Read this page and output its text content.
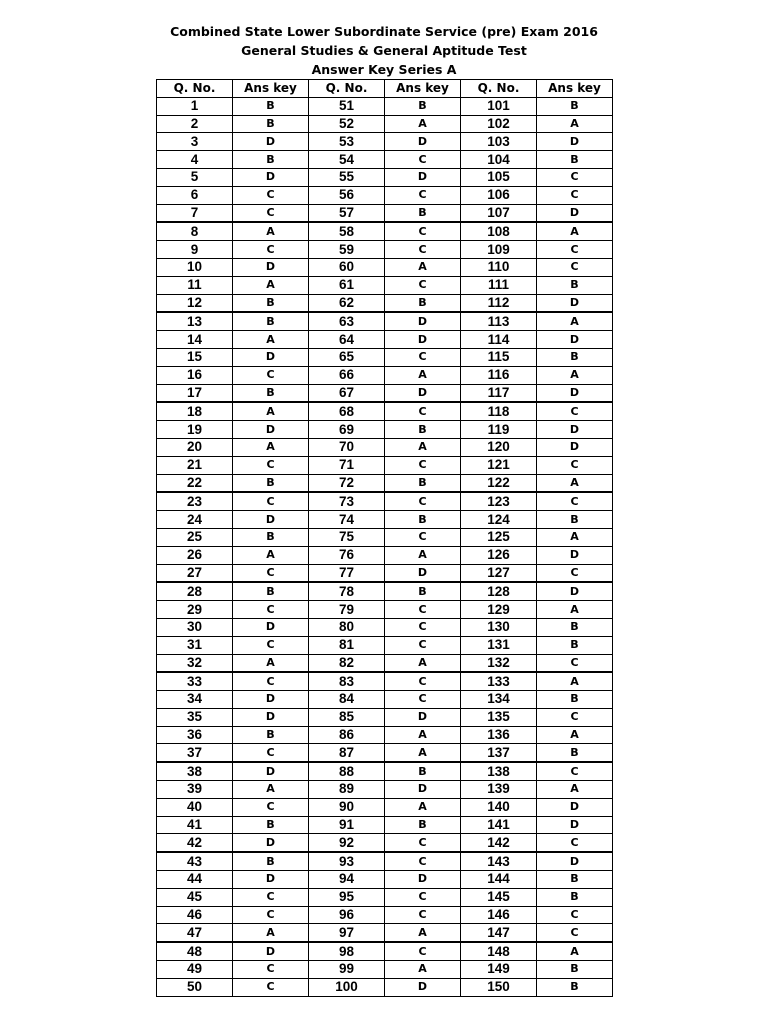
Combined State Lower Subordinate Service (pre) Exam 2016
General Studies & General Aptitude Test
Answer Key Series A
Q. No.	Ans key	Q. No.	Ans key	Q. No.	Ans key
1	B	51	B	101	B
2	B	52	A	102	A
3	D	53	D	103	D
4	B	54	C	104	B
5	D	55	D	105	C
6	C	56	C	106	C
7	C	57	B	107	D
8	A	58	C	108	A
9	C	59	C	109	C
10	D	60	A	110	C
11	A	61	C	111	B
12	B	62	B	112	D
13	B	63	D	113	A
14	A	64	D	114	D
15	D	65	C	115	B
16	C	66	A	116	A
17	B	67	D	117	D
18	A	68	C	118	C
19	D	69	B	119	D
20	A	70	A	120	D
21	C	71	C	121	C
22	B	72	B	122	A
23	C	73	C	123	C
24	D	74	B	124	B
25	B	75	C	125	A
26	A	76	A	126	D
27	C	77	D	127	C
28	B	78	B	128	D
29	C	79	C	129	A
30	D	80	C	130	B
31	C	81	C	131	B
32	A	82	A	132	C
33	C	83	C	133	A
34	D	84	C	134	B
35	D	85	D	135	C
36	B	86	A	136	A
37	C	87	A	137	B
38	D	88	B	138	C
39	A	89	D	139	A
40	C	90	A	140	D
41	B	91	B	141	D
42	D	92	C	142	C
43	B	93	C	143	D
44	D	94	D	144	B
45	C	95	C	145	B
46	C	96	C	146	C
47	A	97	A	147	C
48	D	98	C	148	A
49	C	99	A	149	B
50	C	100	D	150	B
